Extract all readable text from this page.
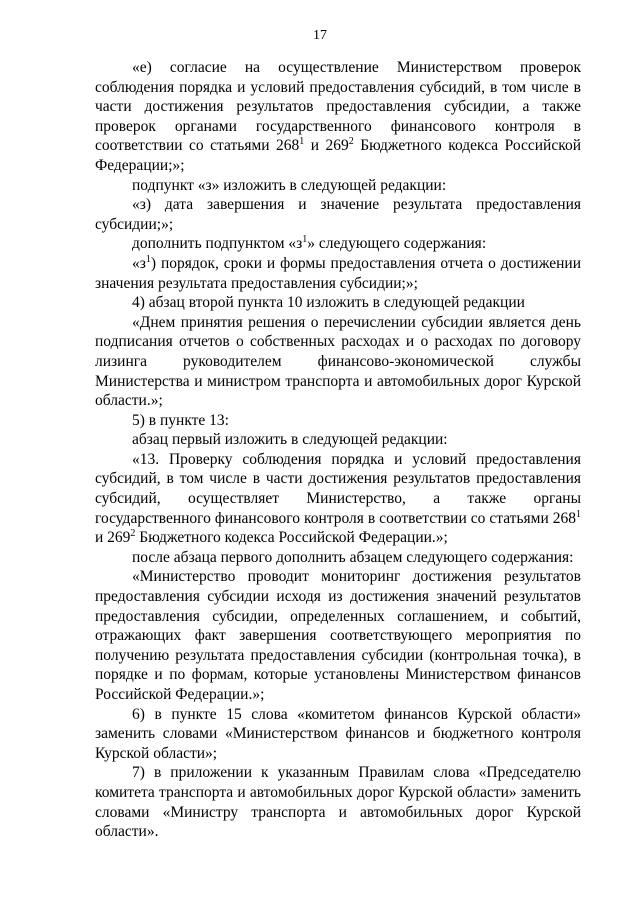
17

«е) согласие на осуществление Министерством проверок соблюдения порядка и условий предоставления субсидий, в том числе в части достижения результатов предоставления субсидии, а также проверок органами государственного финансового контроля в соответствии со статьями $268^1$ и $269^2$ Бюджетного кодекса Российской Федерации;»;

подпункт «з» изложить в следующей редакции:

«з) дата завершения и значение результата предоставления субсидии;»;

дополнить подпунктом «$з^1$» следующего содержания:

«$з^1$) порядок, сроки и формы предоставления отчета о достижении значения результата предоставления субсидии;»;

4) абзац второй пункта 10 изложить в следующей редакции

«Днем принятия решения о перечислении субсидии является день подписания отчетов о собственных расходах и о расходах по договору лизинга руководителем финансово-экономической службы Министерства и министром транспорта и автомобильных дорог Курской области.»;

5) в пункте 13:

абзац первый изложить в следующей редакции:

«13. Проверку соблюдения порядка и условий предоставления субсидий, в том числе в части достижения результатов предоставления субсидий, осуществляет Министерство, а также органы государственного финансового контроля в соответствии со статьями $268^1$ и $269^2$ Бюджетного кодекса Российской Федерации.»;

после абзаца первого дополнить абзацем следующего содержания:

«Министерство проводит мониторинг достижения результатов предоставления субсидии исходя из достижения значений результатов предоставления субсидии, определенных соглашением, и событий, отражающих факт завершения соответствующего мероприятия по получению результата предоставления субсидии (контрольная точка), в порядке и по формам, которые установлены Министерством финансов Российской Федерации.»;

6) в пункте 15 слова «комитетом финансов Курской области» заменить словами «Министерством финансов и бюджетного контроля Курской области»;

7) в приложении к указанным Правилам слова «Председателю комитета транспорта и автомобильных дорог Курской области» заменить словами «Министру транспорта и автомобильных дорог Курской области».
